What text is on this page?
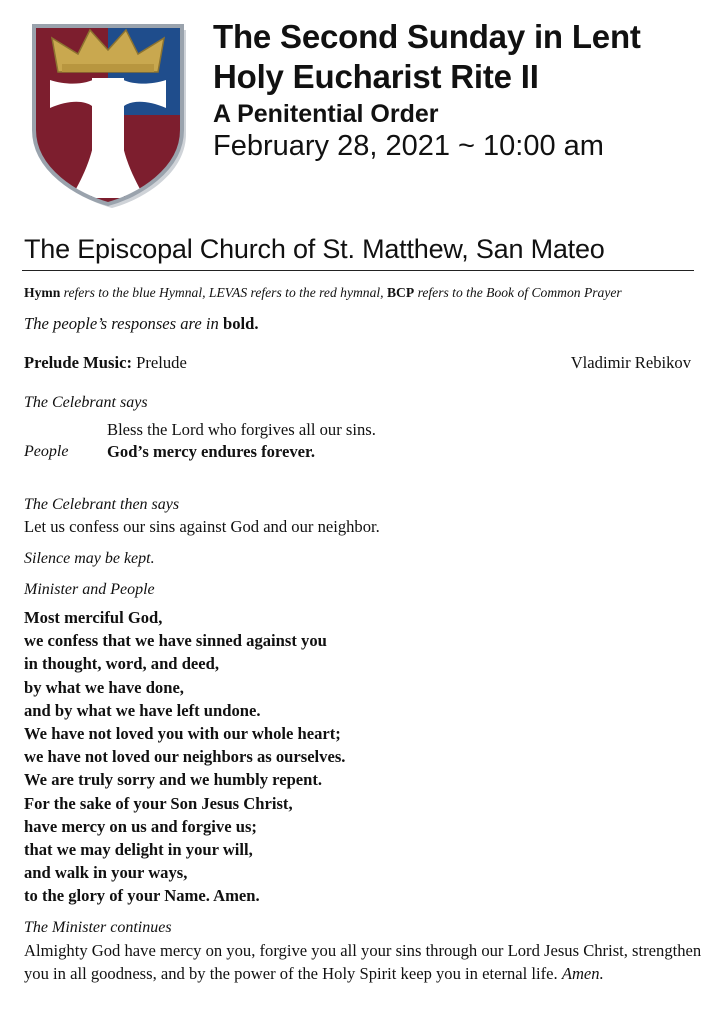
The Second Sunday in Lent
Holy Eucharist Rite II
A Penitential Order
February 28, 2021 ~ 10:00 am
The Episcopal Church of St. Matthew, San Mateo
Hymn refers to the blue Hymnal, LEVAS refers to the red hymnal, BCP refers to the Book of Common Prayer
The people’s responses are in bold.
Prelude Music: Prelude	Vladimir Rebikov
The Celebrant says
Bless the Lord who forgives all our sins.
People God’s mercy endures forever.
The Celebrant then says
Let us confess our sins against God and our neighbor.
Silence may be kept.
Minister and People
Most merciful God,
we confess that we have sinned against you
in thought, word, and deed,
by what we have done,
and by what we have left undone.
We have not loved you with our whole heart;
we have not loved our neighbors as ourselves.
We are truly sorry and we humbly repent.
For the sake of your Son Jesus Christ,
have mercy on us and forgive us;
that we may delight in your will,
and walk in your ways,
to the glory of your Name. Amen.
The Minister continues
Almighty God have mercy on you, forgive you all your sins through our Lord Jesus Christ, strengthen you in all goodness, and by the power of the Holy Spirit keep you in eternal life. Amen.
